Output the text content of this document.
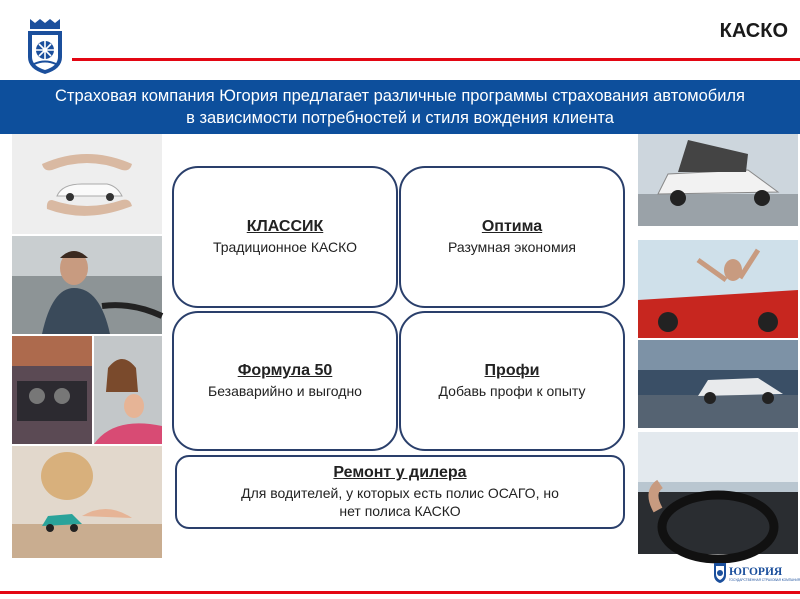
КАСКО
Страховая компания Югория предлагает различные программы страхования автомобиля
в зависимости потребностей и стиля вождения клиента
КЛАССИК
Традиционное КАСКО
Оптима
Разумная экономия
Формула 50
Безаварийно и выгодно
Профи
Добавь профи к опыту
Ремонт у дилера
Для водителей, у которых есть полис ОСАГО, но нет полиса КАСКО
ЮГОРИЯ
ГОСУДАРСТВЕННАЯ СТРАХОВАЯ КОМПАНИЯ
